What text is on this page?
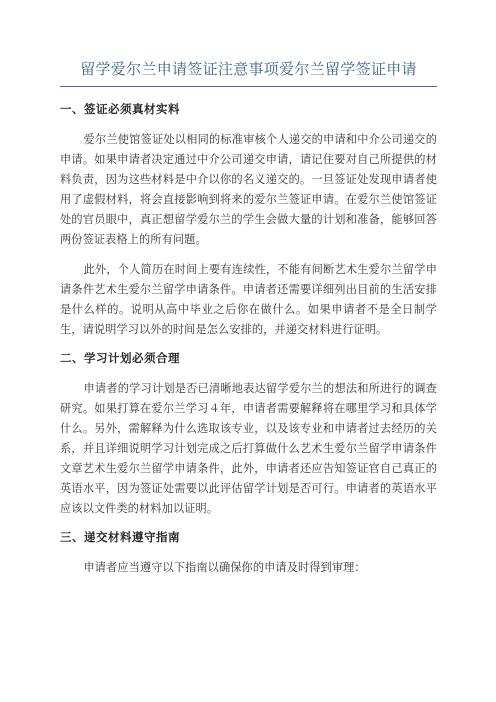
留学爱尔兰申请签证注意事项爱尔兰留学签证申请
一、签证必须真材实料

爱尔兰使馆签证处以相同的标准审核个人递交的申请和中介公司递交的申请。如果申请者决定通过中介公司递交申请，请记住要对自己所提供的材料负责，因为这些材料是中介以你的名义递交的。一旦签证处发现申请者使用了虚假材料，将会直接影响到将来的爱尔兰签证申请。在爱尔兰使馆签证处的官员眼中，真正想留学爱尔兰的学生会做大量的计划和准备，能够回答两份签证表格上的所有问题。

此外，个人简历在时间上要有连续性，不能有间断艺术生爱尔兰留学申请条件艺术生爱尔兰留学申请条件。申请者还需要详细列出目前的生活安排是什么样的。说明从高中毕业之后你在做什么。如果申请者不是全日制学生，请说明学习以外的时间是怎么安排的，并递交材料进行证明。

二、学习计划必须合理

申请者的学习计划是否已清晰地表达留学爱尔兰的想法和所进行的调查研究。如果打算在爱尔兰学习４年，申请者需要解释将在哪里学习和具体学什么。另外，需解释为什么选取该专业，以及该专业和申请者过去经历的关系，并且详细说明学习计划完成之后打算做什么艺术生爱尔兰留学申请条件文章艺术生爱尔兰留学申请条件，此外，申请者还应告知签证官自己真正的英语水平，因为签证处需要以此评估留学计划是否可行。申请者的英语水平应该以文件类的材料加以证明。

三、递交材料遵守指南

申请者应当遵守以下指南以确保你的申请及时得到审理：
